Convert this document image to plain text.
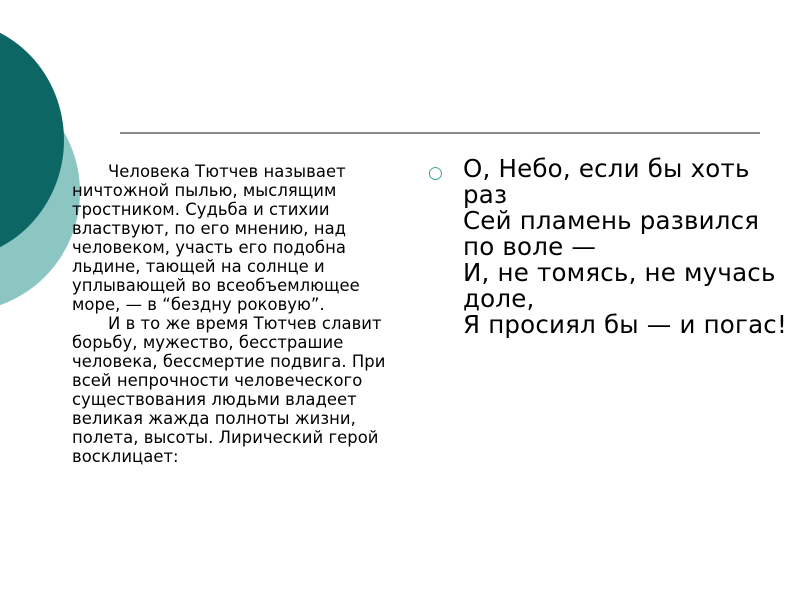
Человека Тютчев называет
ничтожной пылью, мыслящим
тростником. Судьба и стихии
властвуют, по его мнению, над
человеком, участь его подобна
льдине, тающей на солнце и
уплывающей во всеобъемлющее
море, — в “бездну роковую”.

И в то же время Тютчев славит
борьбу, мужество, бесстрашие
человека, бессмертие подвига. При
всей непрочности человеческого
существования людьми владеет
великая жажда полноты жизни,
полета, высоты. Лирический герой
восклицает:

○ О, Небо, если бы хоть раз
Сей пламень развился по воле —
И, не томясь, не мучась доле,
Я просиял бы — и погас!
